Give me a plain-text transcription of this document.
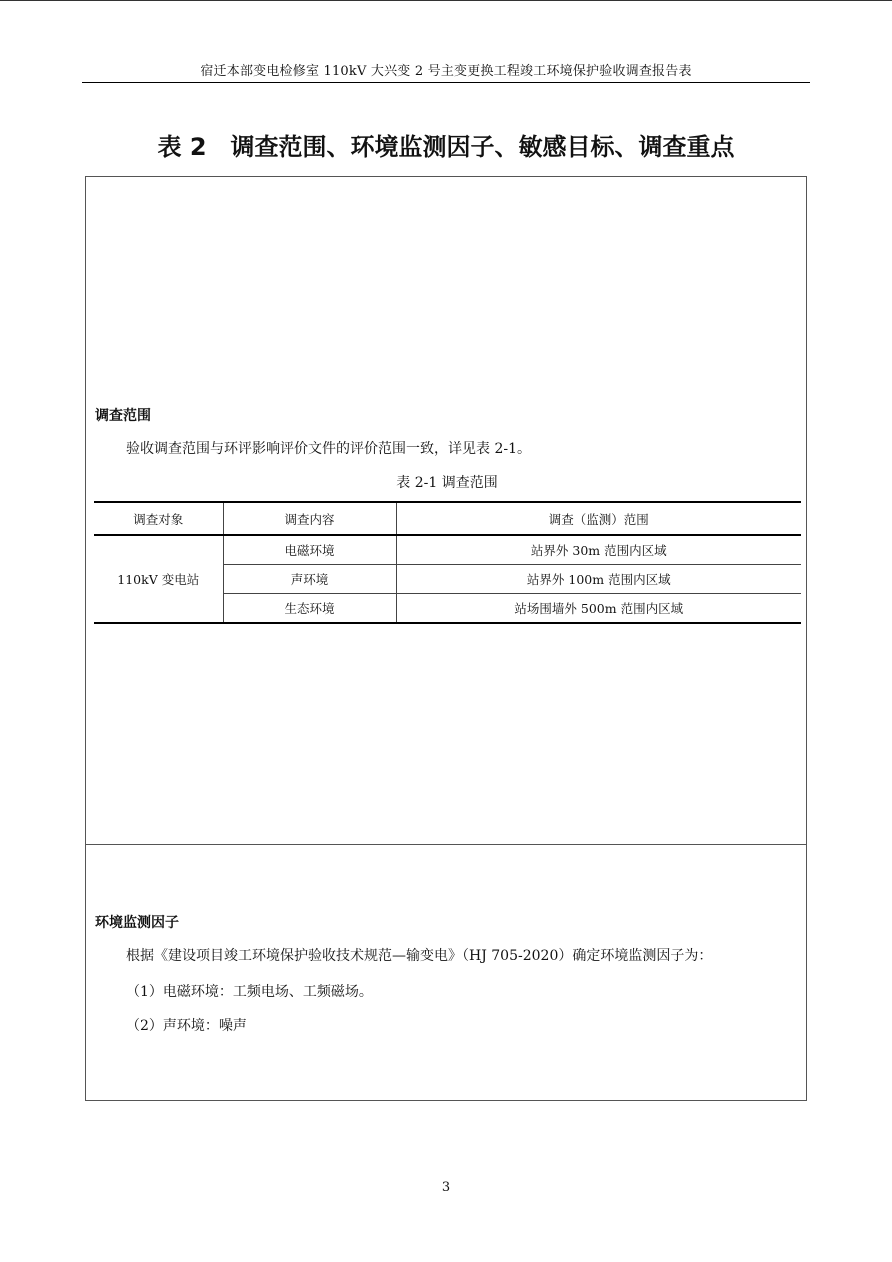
宿迁本部变电检修室 110kV 大兴变 2 号主变更换工程竣工环境保护验收调查报告表
表 2　调查范围、环境监测因子、敏感目标、调查重点
调查范围
验收调查范围与环评影响评价文件的评价范围一致，详见表 2-1。
表 2-1 调查范围
调查对象	调查内容	调查（监测）范围
110kV 变电站	电磁环境	站界外 30m 范围内区域
	声环境	站界外 100m 范围内区域
	生态环境	站场围墙外 500m 范围内区域
环境监测因子
根据《建设项目竣工环境保护验收技术规范—输变电》（HJ 705-2020）确定环境监测因子为：
（1）电磁环境：工频电场、工频磁场。
（2）声环境：噪声
3
